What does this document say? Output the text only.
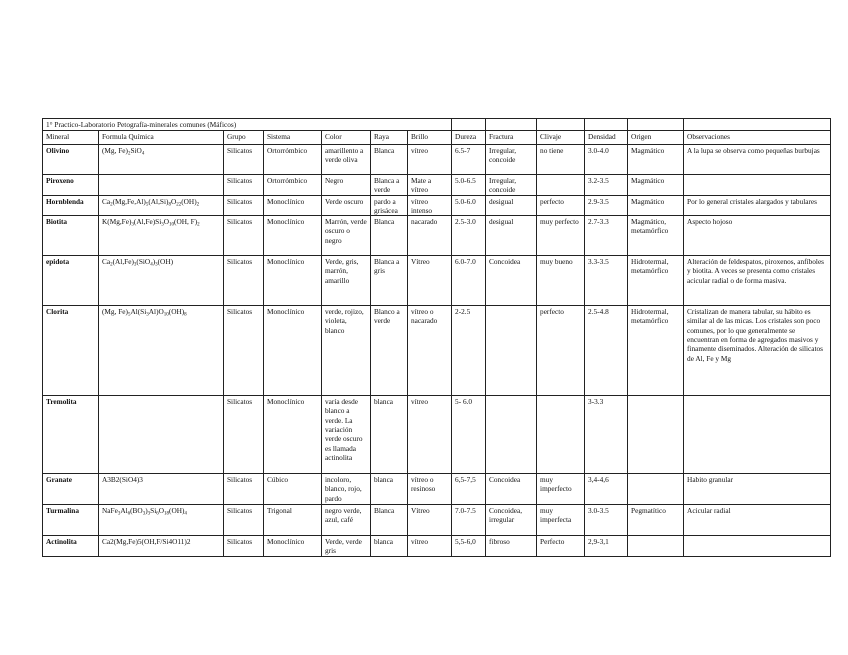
1° Practico-Laboratorio Petografía-minerales comunes (Máficos)												
Mineral	Formula Química	Grupo	Sistema	Color	Raya	Brillo	Dureza	Fractura	Clivaje	Densidad	Origen	Observaciones
Olivino	(Mg, $Fe)_2SiO_4$	Silicatos	Ortorrómbico	amarillento a verde oliva	Blanca	vítreo	6.5-7	Irregular, concoide	no tiene	3.0-4.0	Magmático	A la lupa se observa como pequeñas burbujas
Piroxeno		Silicatos	Ortorrómbico	Negro	Blanca a verde	Mate a vítreo	5.0-6.5	Irregular, concoide		3.2-3.5	Magmático	
Hornblenda	$Ca_2(Mg,Fe,Al)_5(Al,Si)_8O_{22}(OH)_2$	Silicatos	Monoclínico	Verde oscuro	pardo a grisácea	vítreo intenso	5.0-6.0	desigual	perfecto	2.9-3.5	Magmático	Por lo general cristales alargados y tabulares
Biotita	$K(Mg,Fe)_3(Al,Fe)Si_3O_{10}(OH$, $F)_2$	Silicatos	Monoclínico	Marrón, verde oscuro o negro	Blanca	nacarado	2.5-3.0	desigual	muy perfecto	2.7-3.3	Magmático, metamórfico	Aspecto hojoso
epidota	$Ca_2(Al,Fe)_3(SiO_4)_3(OH)$	Silicatos	Monoclínico	Verde, gris, marrón, amarillo	Blanca a gris	Vítreo	6.0-7.0	Concoidea	muy bueno	3.3-3.5	Hidrotermal, metamórfico	Alteración de feldespatos, piroxenos, anfíboles y biotita. A veces se presenta como cristales acicular radial o de forma masiva.
Clorita	(Mg, $Fe)_5Al(Si_3Al)O_{10}(OH)_8$	Silicatos	Monoclínico	verde, rojizo, violeta, blanco	Blanco a verde	vítreo o nacarado	2-2.5		perfecto	2.5-4.8	Hidrotermal, metamórfico	Cristalizan de manera tabular, su hábito es similar al de las micas. Los cristales son poco comunes, por lo que generalmente se encuentran en forma de agregados masivos y finamente diseminados. Alteración de silicatos de Al, Fe y Mg
Tremolita		Silicatos	Monoclínico	varía desde blanco a verde. La variación verde oscuro es llamada actinolita	blanca	vítreo	5- 6.0			3-3.3		
Granate	A3B2(SiO4)3	Silicatos	Cúbico	incoloro, blanco, rojo, pardo	blanca	vítreo o resinoso	6,5-7,5	Concoidea	muy imperfecto	3,4-4,6		Habito granular
Turmalina	$NaFe_3Al_6(BO_3)_3Si_6O_{18}(OH)_4$	Silicatos	Trigonal	negro verde, azul, café	Blanca	Vítreo	7.0-7.5	Concoidea, irregular	muy imperfecta	3.0-3.5	Pegmatítico	Acicular radial
Actinolita	Ca2(Mg,Fe)5(OH,F/Si4O11)2	Silicatos	Monoclínico	Verde, verde gris	blanca	vítreo	5,5-6,0	fibroso	Perfecto	2,9-3,1		
